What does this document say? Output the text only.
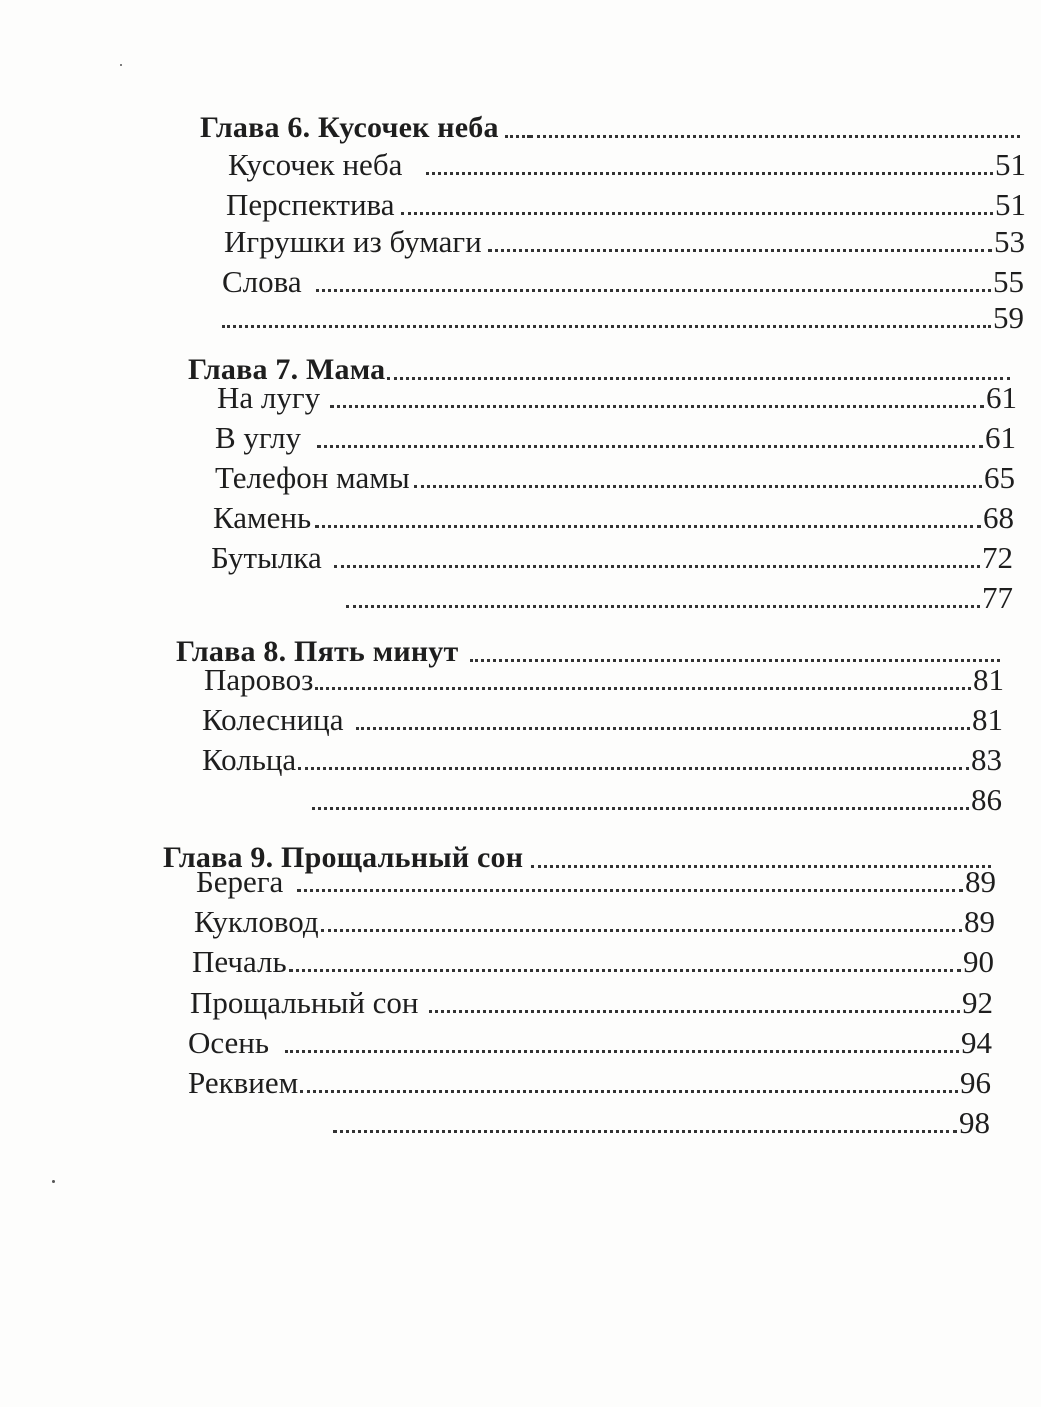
Глава 6. Кусочек неба
Кусочек неба	51
Перспектива	51
Игрушки из бумаги	53
Слова	55
59
Глава 7. Мама
На лугу	61
В углу	61
Телефон мамы	65
Камень	68
Бутылка	72
77
Глава 8. Пять минут
Паровоз	81
Колесница	81
Кольца	83
86
Глава 9. Прощальный сон
Берега	89
Кукловод	89
Печаль	90
Прощальный сон	92
Осень	94
Реквием	96
98
